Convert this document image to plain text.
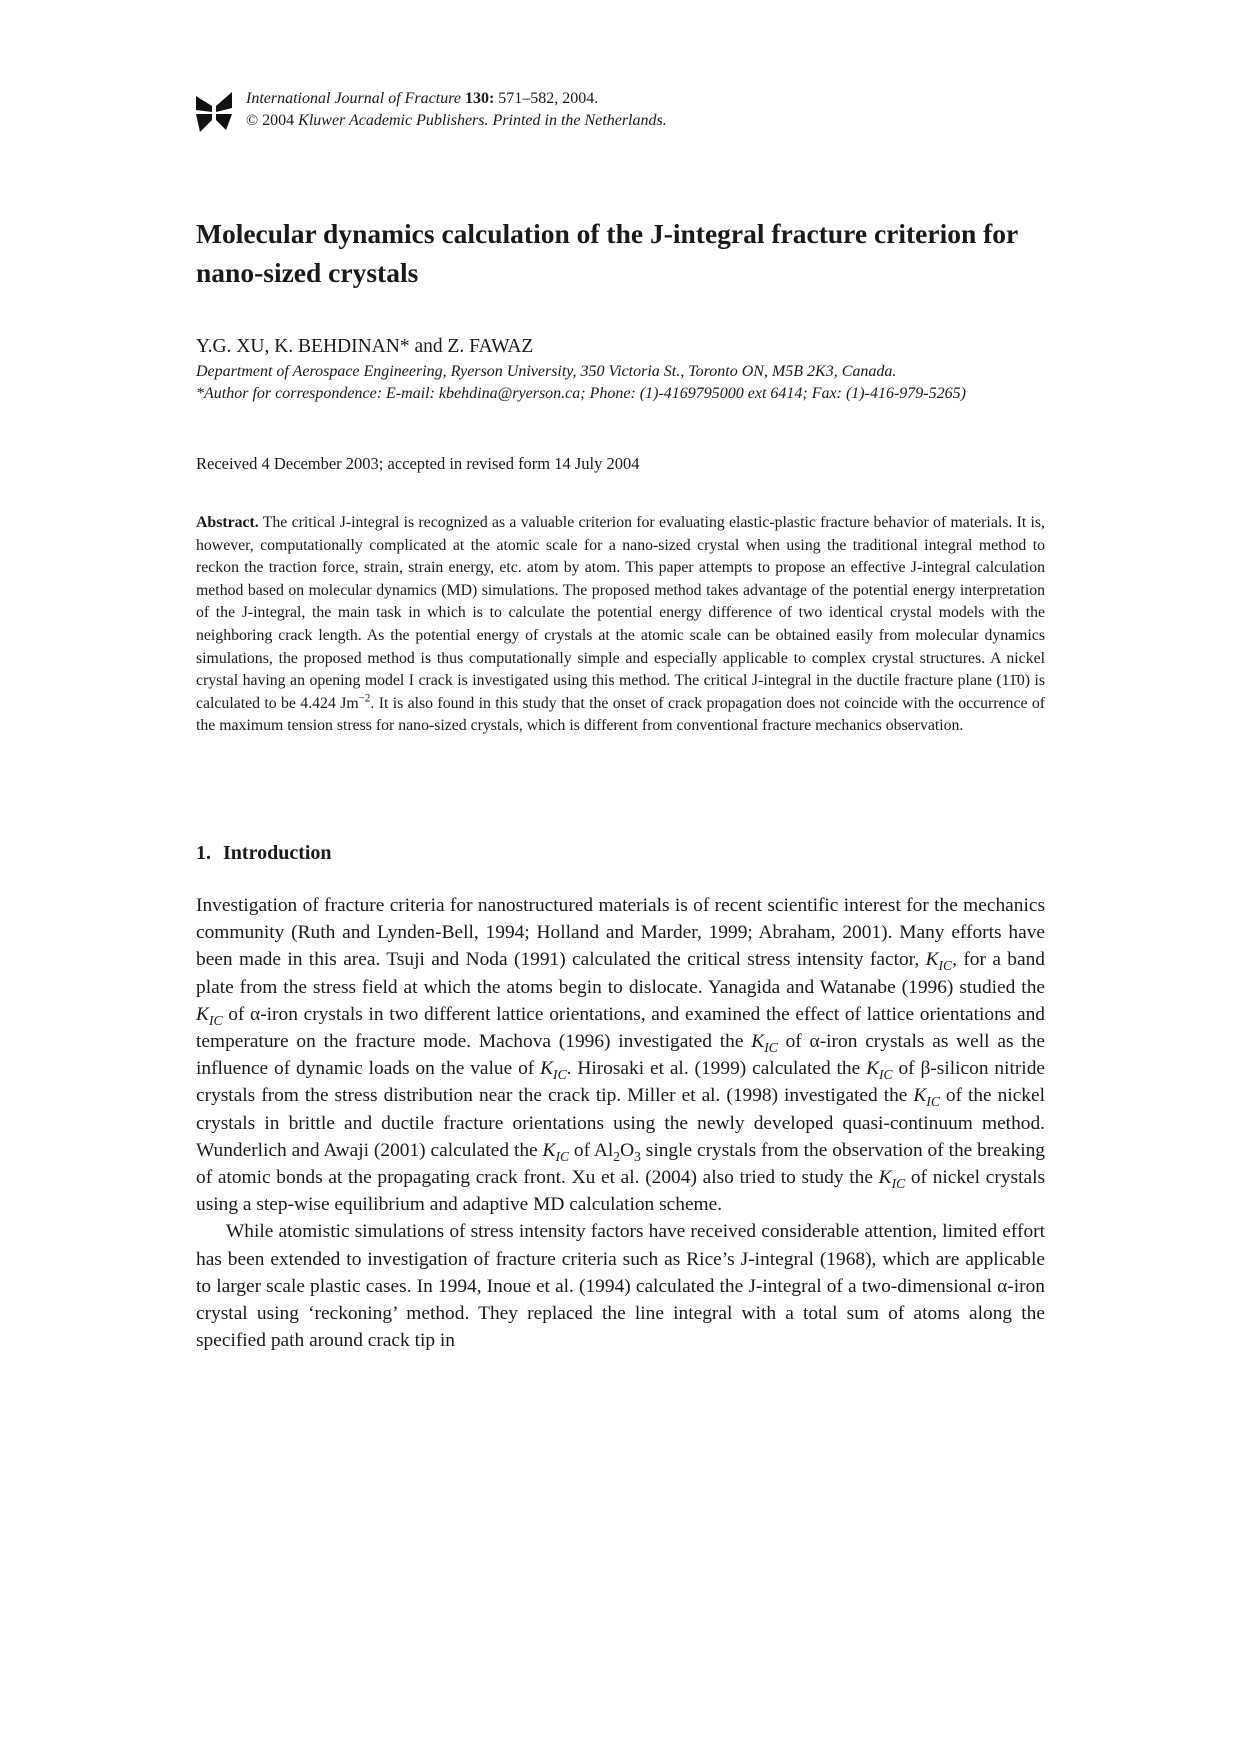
International Journal of Fracture 130: 571–582, 2004.
© 2004 Kluwer Academic Publishers. Printed in the Netherlands.
Molecular dynamics calculation of the J-integral fracture criterion for nano-sized crystals
Y.G. XU, K. BEHDINAN* and Z. FAWAZ
Department of Aerospace Engineering, Ryerson University, 350 Victoria St., Toronto ON, M5B 2K3, Canada.
*Author for correspondence: E-mail: kbehdina@ryerson.ca; Phone: (1)-4169795000 ext 6414; Fax: (1)-416-979-5265)
Received 4 December 2003; accepted in revised form 14 July 2004
Abstract. The critical J-integral is recognized as a valuable criterion for evaluating elastic-plastic fracture behavior of materials. It is, however, computationally complicated at the atomic scale for a nano-sized crystal when using the traditional integral method to reckon the traction force, strain, strain energy, etc. atom by atom. This paper attempts to propose an effective J-integral calculation method based on molecular dynamics (MD) simulations. The proposed method takes advantage of the potential energy interpretation of the J-integral, the main task in which is to calculate the potential energy difference of two identical crystal models with the neighboring crack length. As the potential energy of crystals at the atomic scale can be obtained easily from molecular dynamics simulations, the proposed method is thus computationally simple and especially applicable to complex crystal structures. A nickel crystal having an opening model I crack is investigated using this method. The critical J-integral in the ductile fracture plane (11̄0) is calculated to be 4.424 $Jm^{-2}$. It is also found in this study that the onset of crack propagation does not coincide with the occurrence of the maximum tension stress for nano-sized crystals, which is different from conventional fracture mechanics observation.
1. Introduction

Investigation of fracture criteria for nanostructured materials is of recent scientific interest for the mechanics community (Ruth and Lynden-Bell, 1994; Holland and Marder, 1999; Abraham, 2001). Many efforts have been made in this area. Tsuji and Noda (1991) calculated the critical stress intensity factor, $K_{IC}$, for a band plate from the stress field at which the atoms begin to dislocate. Yanagida and Watanabe (1996) studied the $K_{IC}$ of α-iron crystals in two different lattice orientations, and examined the effect of lattice orientations and temperature on the fracture mode. Machova (1996) investigated the $K_{IC}$ of α-iron crystals as well as the influence of dynamic loads on the value of $K_{IC}$. Hirosaki et al. (1999) calculated the $K_{IC}$ of β-silicon nitride crystals from the stress distribution near the crack tip. Miller et al. (1998) investigated the $K_{IC}$ of the nickel crystals in brittle and ductile fracture orientations using the newly developed quasi-continuum method. Wunderlich and Awaji (2001) calculated the $K_{IC}$ of $Al_2O_3$ single crystals from the observation of the breaking of atomic bonds at the propagating crack front. Xu et al. (2004) also tried to study the $K_{IC}$ of nickel crystals using a step-wise equilibrium and adaptive MD calculation scheme.

While atomistic simulations of stress intensity factors have received considerable attention, limited effort has been extended to investigation of fracture criteria such as Rice’s J-integral (1968), which are applicable to larger scale plastic cases. In 1994, Inoue et al. (1994) calculated the J-integral of a two-dimensional α-iron crystal using ‘reckoning’ method. They replaced the line integral with a total sum of atoms along the specified path around crack tip in
